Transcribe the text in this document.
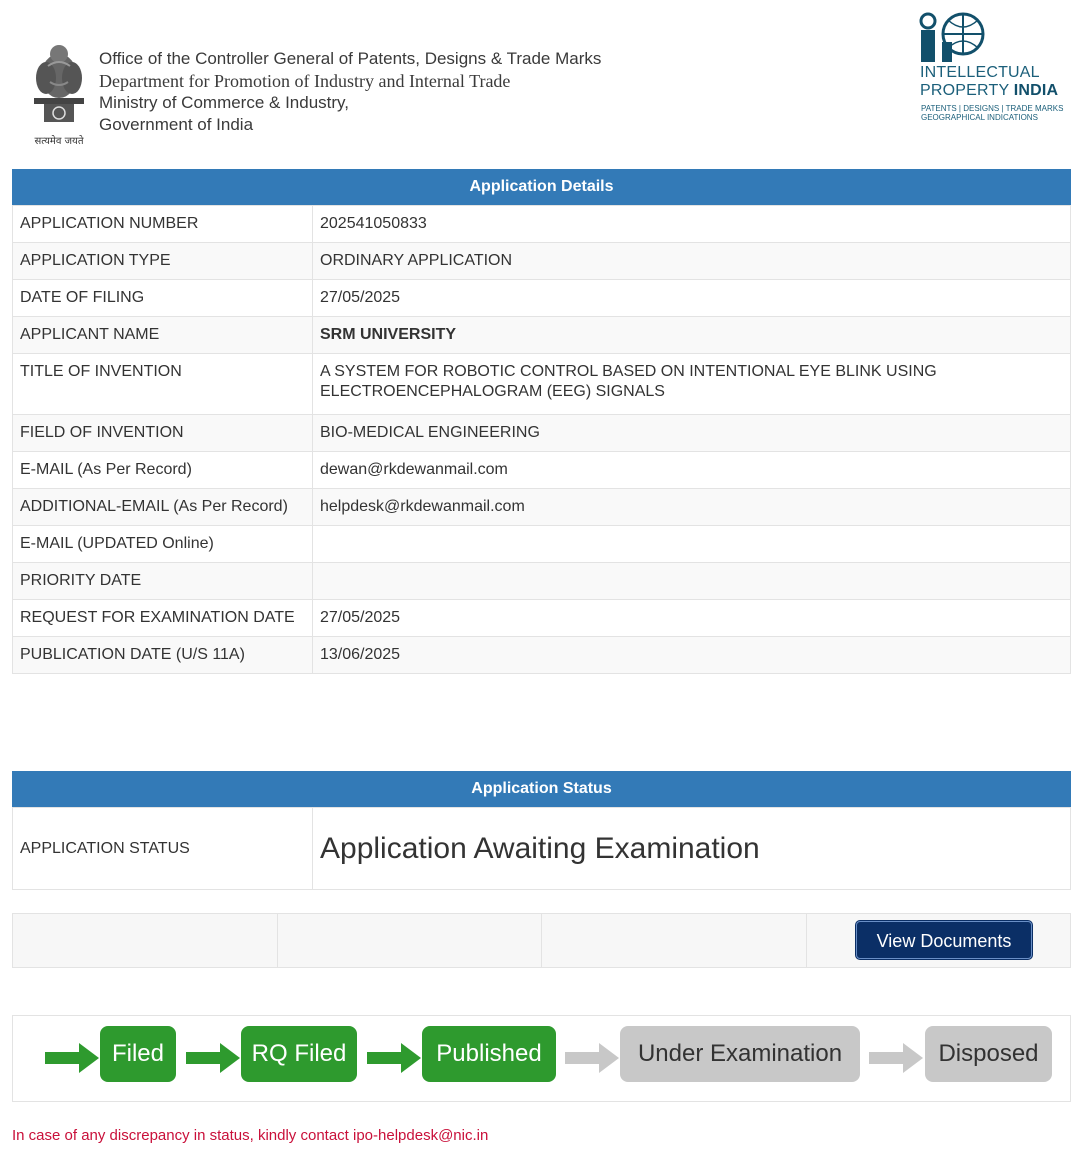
सत्यमेव जयते
Office of the Controller General of Patents, Designs & Trade Marks
Department for Promotion of Industry and Internal Trade
Ministry of Commerce & Industry,
Government of India
INTELLECTUAL
PROPERTY INDIA
PATENTS | DESIGNS | TRADE MARKS
GEOGRAPHICAL INDICATIONS
Application Details
APPLICATION NUMBER	202541050833
APPLICATION TYPE	ORDINARY APPLICATION
DATE OF FILING	27/05/2025
APPLICANT NAME	SRM UNIVERSITY
TITLE OF INVENTION	A SYSTEM FOR ROBOTIC CONTROL BASED ON INTENTIONAL EYE BLINK USING ELECTROENCEPHALOGRAM (EEG) SIGNALS
FIELD OF INVENTION	BIO-MEDICAL ENGINEERING
E-MAIL (As Per Record)	dewan@rkdewanmail.com
ADDITIONAL-EMAIL (As Per Record)	helpdesk@rkdewanmail.com
E-MAIL (UPDATED Online)	
PRIORITY DATE	
REQUEST FOR EXAMINATION DATE	27/05/2025
PUBLICATION DATE (U/S 11A)	13/06/2025
Application Status
APPLICATION STATUS	Application Awaiting Examination

View Documents
Filed	RQ Filed	Published	Under Examination	Disposed
In case of any discrepancy in status, kindly contact ipo-helpdesk@nic.in
